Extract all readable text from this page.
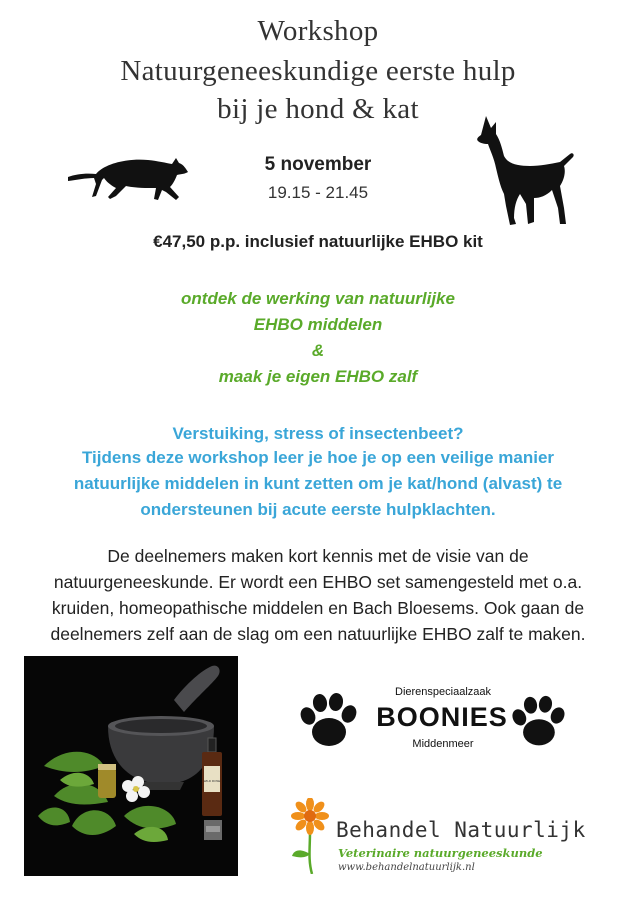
Workshop
Natuurgeneeskundige eerste hulp
bij je hond & kat
5 november
19.15 - 21.45
€47,50 p.p. inclusief natuurlijke EHBO kit
ontdek de werking van natuurlijke
EHBO middelen
&
maak je eigen EHBO zalf
Verstuiking, stress of insectenbeet?
Tijdens deze workshop leer je hoe je op een veilige manier
natuurlijke middelen in kunt zetten om je kat/hond (alvast) te
ondersteunen bij acute eerste hulpklachten.
De deelnemers maken kort kennis met de visie van de
natuurgeneeskunde. Er wordt een EHBO set samengesteld met o.a.
kruiden, homeopathische middelen en Bach Bloesems. Ook gaan de
deelnemers zelf aan de slag om een natuurlijke EHBO zalf te maken.
WILD ROSE
Dierenspeciaalzaak
BOONIES
Middenmeer
Behandel Natuurlijk
Veterinaire natuurgeneeskunde
www.behandelnatuurlijk.nl
